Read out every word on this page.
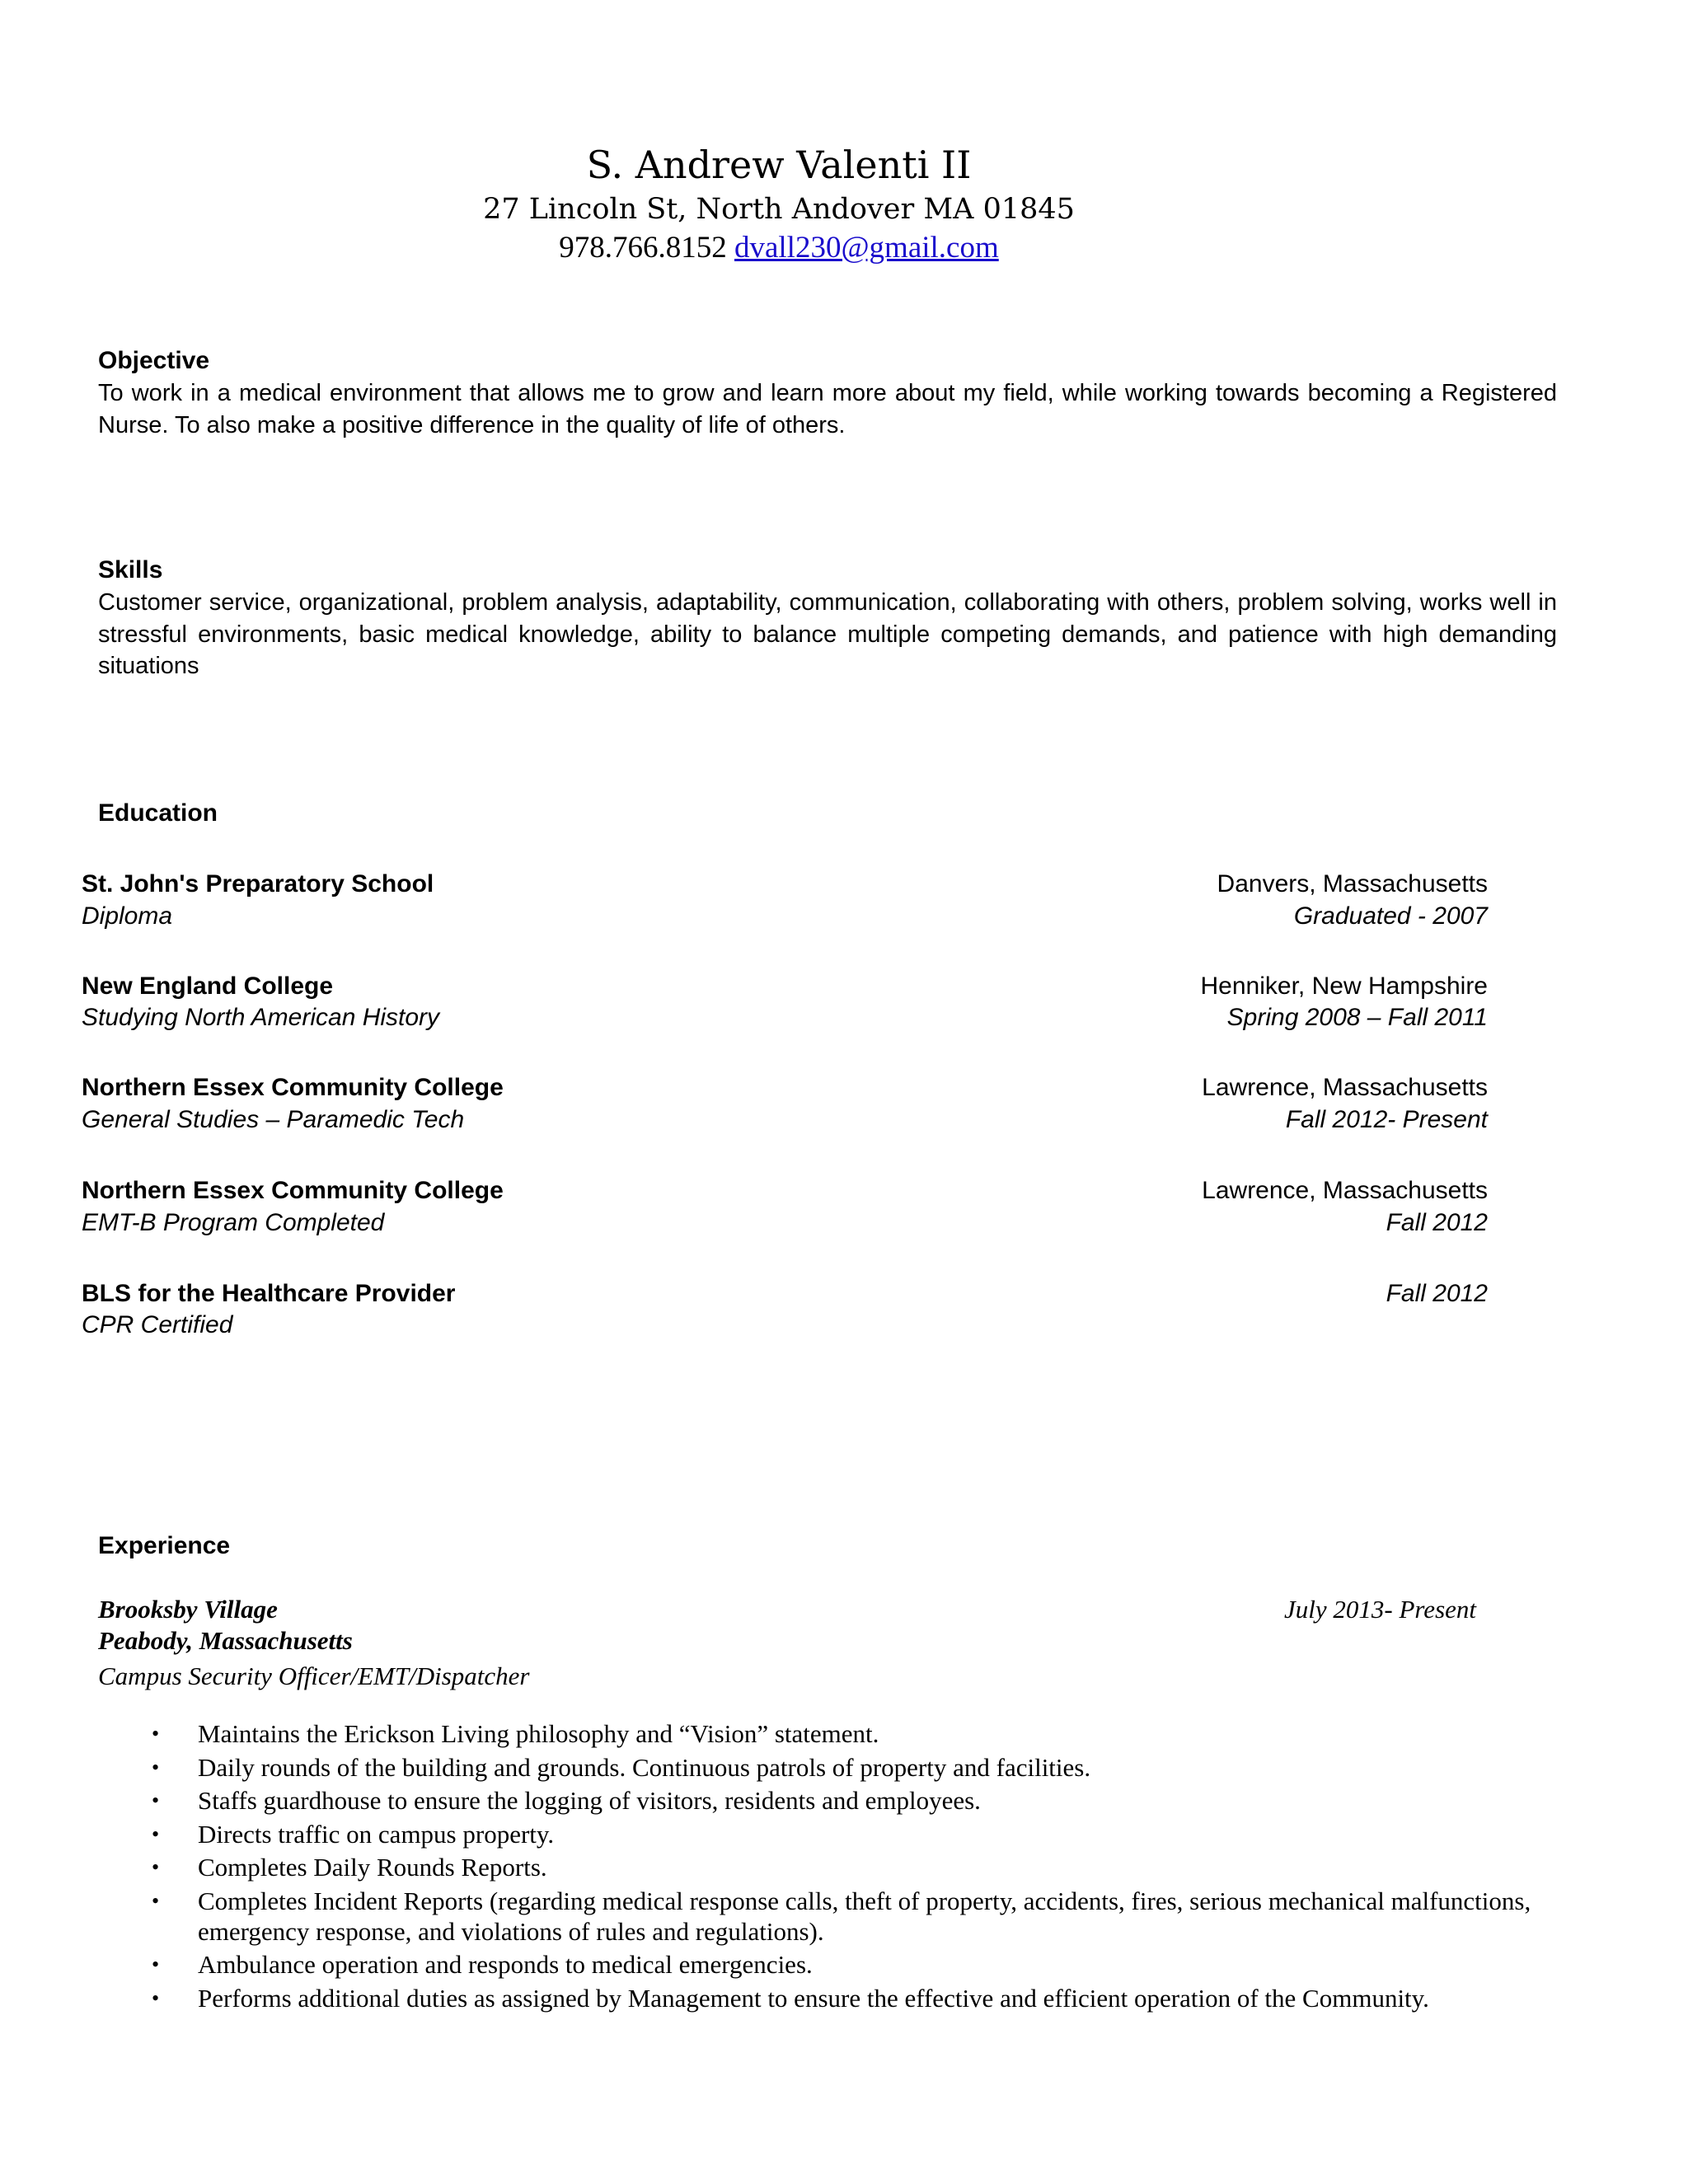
S. Andrew Valenti II
27 Lincoln St, North Andover MA 01845
978.766.8152 dvall230@gmail.com
Objective
To work in a medical environment that allows me to grow and learn more about my field, while working towards becoming a Registered Nurse. To also make a positive difference in the quality of life of others.
Skills
Customer service, organizational, problem analysis, adaptability, communication, collaborating with others, problem solving, works well in stressful environments, basic medical knowledge, ability to balance multiple competing demands, and patience with high demanding situations
Education
St. John's Preparatory School
Diploma
Danvers, Massachusetts
Graduated - 2007
New England College
Studying North American History
Henniker, New Hampshire
Spring 2008 – Fall 2011
Northern Essex Community College
General Studies – Paramedic Tech
Lawrence, Massachusetts
Fall 2012- Present
Northern Essex Community College
EMT-B Program Completed
Lawrence, Massachusetts
Fall 2012
BLS for the Healthcare Provider
CPR Certified
Fall 2012
Experience
Brooksby Village	July 2013- Present
Peabody, Massachusetts
Campus Security Officer/EMT/Dispatcher
• Maintains the Erickson Living philosophy and “Vision” statement.
• Daily rounds of the building and grounds. Continuous patrols of property and facilities.
• Staffs guardhouse to ensure the logging of visitors, residents and employees.
• Directs traffic on campus property.
• Completes Daily Rounds Reports.
• Completes Incident Reports (regarding medical response calls, theft of property, accidents, fires, serious mechanical malfunctions, emergency response, and violations of rules and regulations).
• Ambulance operation and responds to medical emergencies.
• Performs additional duties as assigned by Management to ensure the effective and efficient operation of the Community.
